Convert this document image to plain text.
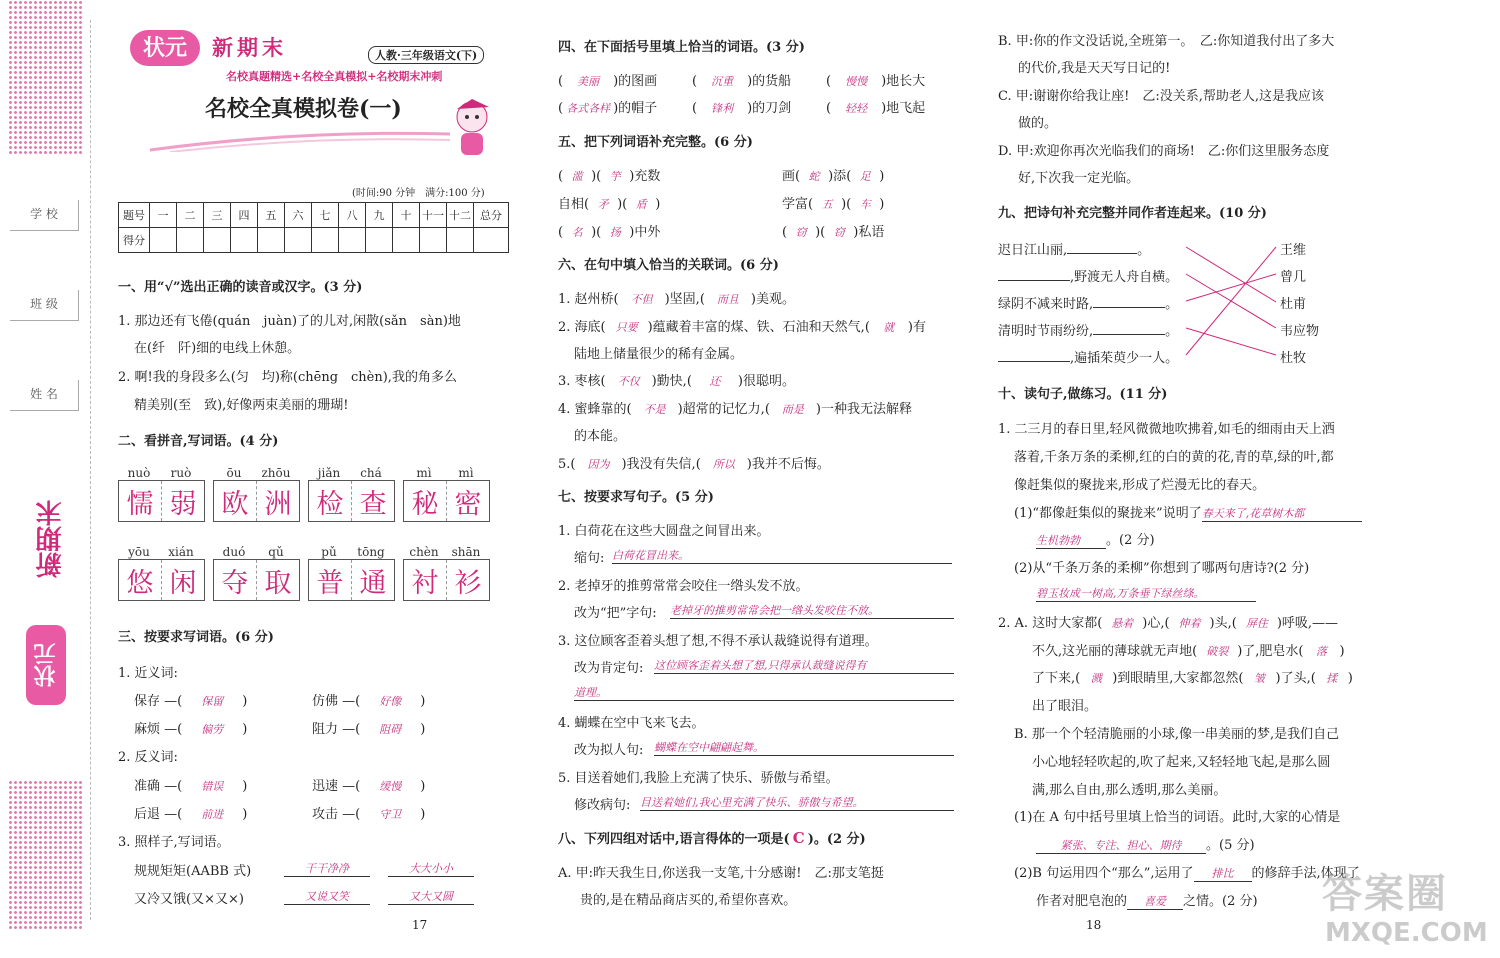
学 校
班 级
姓 名
新期末
状元
状元	新期末	人教·三年级语文(下)
名校真题精选+名校全真模拟+名校期末冲刺
名校全真模拟卷(一)
(时间:90 分钟　满分:100 分)
题号	一	二	三	四	五	六	七	八	九	十	十一	十二	总分
得分													
一、用“√”选出正确的读音或汉字。(3 分)
1. 那边还有飞倦(quán　juàn)了的儿对,闲散(sǎn　sàn)地
在(纤　阡)细的电线上休憩。
2. 啊!我的身段多么(匀　均)称(chēng　chèn),我的角多么
精美别(至　致),好像两束美丽的珊瑚!
二、看拼音,写词语。(4 分)
nuò	ruò
懦 弱
ōu	zhōu
欧 洲
jiǎn	chá
检 查
mì	mì
秘 密
yōu	xián
悠 闲
duó	qǔ
夺 取
pǔ	tōng
普 通
chèn	shān
衬 衫
三、按要求写词语。(6 分)
1. 近义词:
保存 —( 保留 )	仿佛 —( 好像 )
麻烦 —( 偏劳 )	阻力 —( 阻碍 )
2. 反义词:
准确 —( 错误 )	迅速 —( 缓慢 )
后退 —( 前进 )	攻击 —( 守卫 )
3. 照样子,写词语。
规规矩矩(AABB 式)	干干净净	大大小小
又冷又饿(又×又×)	又说又笑	又大又圆
17
四、在下面括号里填上恰当的词语。(3 分)
( 美丽 )的图画	( 沉重 )的货船	( 慢慢 )地长大
( 各式各样 )的帽子	( 锋利 )的刀剑	( 轻轻 )地飞起
五、把下列词语补充完整。(6 分)
( 滥 )( 竽 )充数	画( 蛇 )添( 足 )
自相( 矛 )( 盾 )	学富( 五 )( 车 )
( 名 )( 扬 )中外	( 窃 )( 窃 )私语
六、在句中填入恰当的关联词。(6 分)
1. 赵州桥( 不但 )坚固,( 而且 )美观。
2. 海底( 只要 )蕴藏着丰富的煤、铁、石油和天然气,( 就 )有
陆地上储量很少的稀有金属。
3. 枣核( 不仅 )勤快,( 还 )很聪明。
4. 蜜蜂靠的( 不是 )超常的记忆力,( 而是 )一种我无法解释
的本能。
5.( 因为 )我没有失信,( 所以 )我并不后悔。
七、按要求写句子。(5 分)
1. 白荷花在这些大圆盘之间冒出来。
缩句: 白荷花冒出来。
2. 老掉牙的推剪常常会咬住一绺头发不放。
改为“把”字句: 老掉牙的推剪常常会把一绺头发咬住不放。
3. 这位顾客歪着头想了想,不得不承认裁缝说得有道理。
改为肯定句: 这位顾客歪着头想了想,只得承认裁缝说得有
道理。
4. 蝴蝶在空中飞来飞去。
改为拟人句: 蝴蝶在空中翩翩起舞。
5. 目送着她们,我脸上充满了快乐、骄傲与希望。
修改病句: 目送着她们,我心里充满了快乐、骄傲与希望。
八、下列四组对话中,语言得体的一项是( C )。(2 分)
A. 甲:昨天我生日,你送我一支笔,十分感谢!　乙:那支笔挺
贵的,是在精品商店买的,希望你喜欢。
B. 甲:你的作文没话说,全班第一。　乙:你知道我付出了多大
的代价,我是天天写日记的!
C. 甲:谢谢你给我让座!　乙:没关系,帮助老人,这是我应该
做的。
D. 甲:欢迎你再次光临我们的商场!　乙:你们这里服务态度
好,下次我一定光临。
九、把诗句补充完整并同作者连起来。(10 分)
迟日江山丽,	。
,野渡无人舟自横。
绿阴不减来时路,	。
清明时节雨纷纷,	。
,遍插茱萸少一人。
王维
曾几
杜甫
韦应物
杜牧
十、读句子,做练习。(11 分)
1. 二三月的春日里,轻风微微地吹拂着,如毛的细雨由天上洒
落着,千条万条的柔柳,红的白的黄的花,青的草,绿的叶,都
像赶集似的聚拢来,形成了烂漫无比的春天。
(1)“都像赶集似的聚拢来”说明了春天来了,花草树木都
生机勃勃 。(2 分)
(2)从“千条万条的柔柳”你想到了哪两句唐诗?(2 分)
碧玉妆成一树高,万条垂下绿丝绦。
2. A. 这时大家都( 悬着 )心,( 伸着 )头,( 屏住 )呼吸,——
不久,这光丽的薄球就无声地( 破裂 )了,肥皂水( 落 )
了下来,( 溅 )到眼睛里,大家都忽然( 皱 )了头,( 揉 )
出了眼泪。
B. 那一个个轻清脆丽的小球,像一串美丽的梦,是我们自己
小心地轻轻吹起的,吹了起来,又轻轻地飞起,是那么圆
满,那么自由,那么透明,那么美丽。
(1)在 A 句中括号里填上恰当的词语。此时,大家的心情是
紧张、专注、担心、期待 。(5 分)
(2)B 句运用四个“那么”,运用了 排比 的修辞手法,体现了
作者对肥皂泡的 喜爱 之情。(2 分)
18
答案圈
MXQE.COM
